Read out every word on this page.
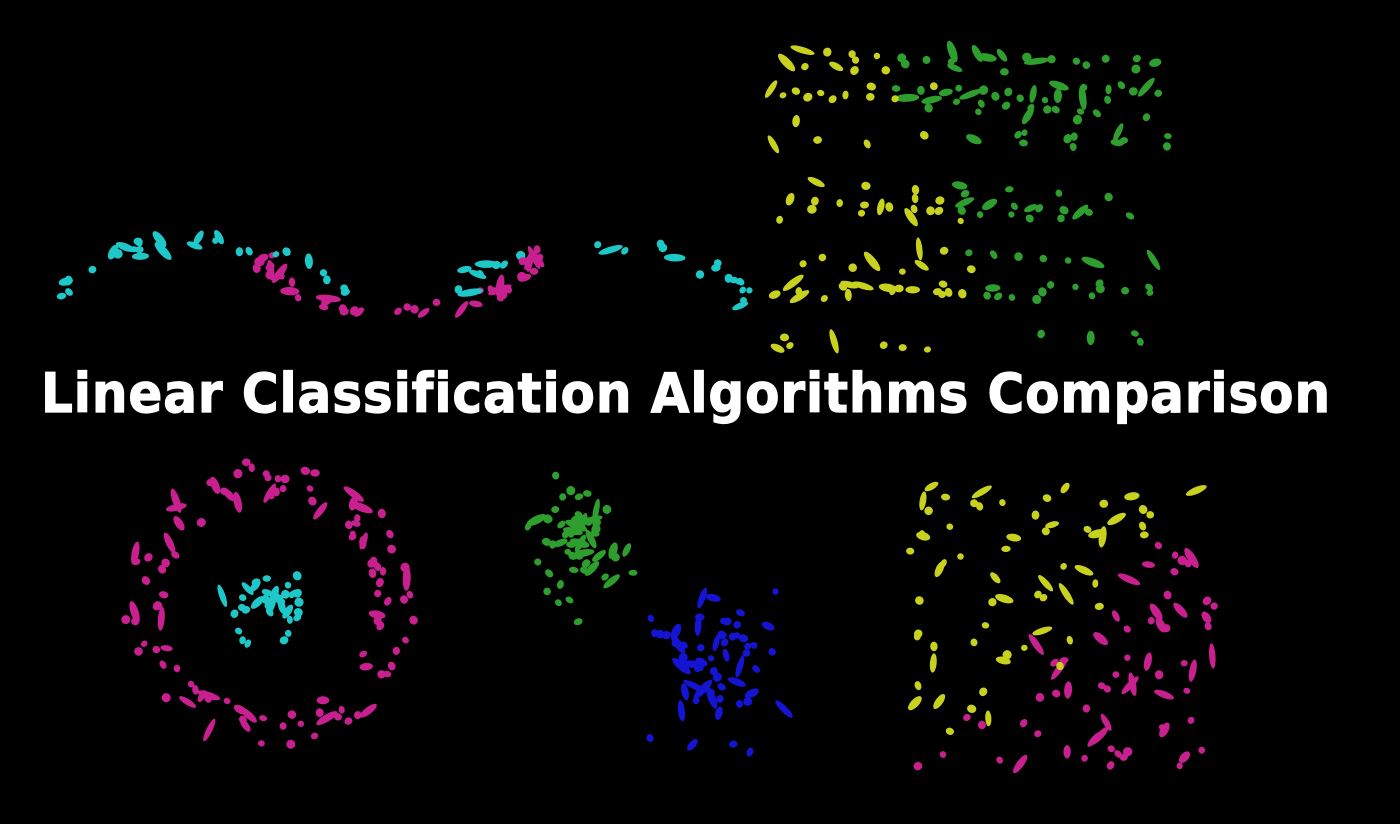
Linear Classification Algorithms Comparison
